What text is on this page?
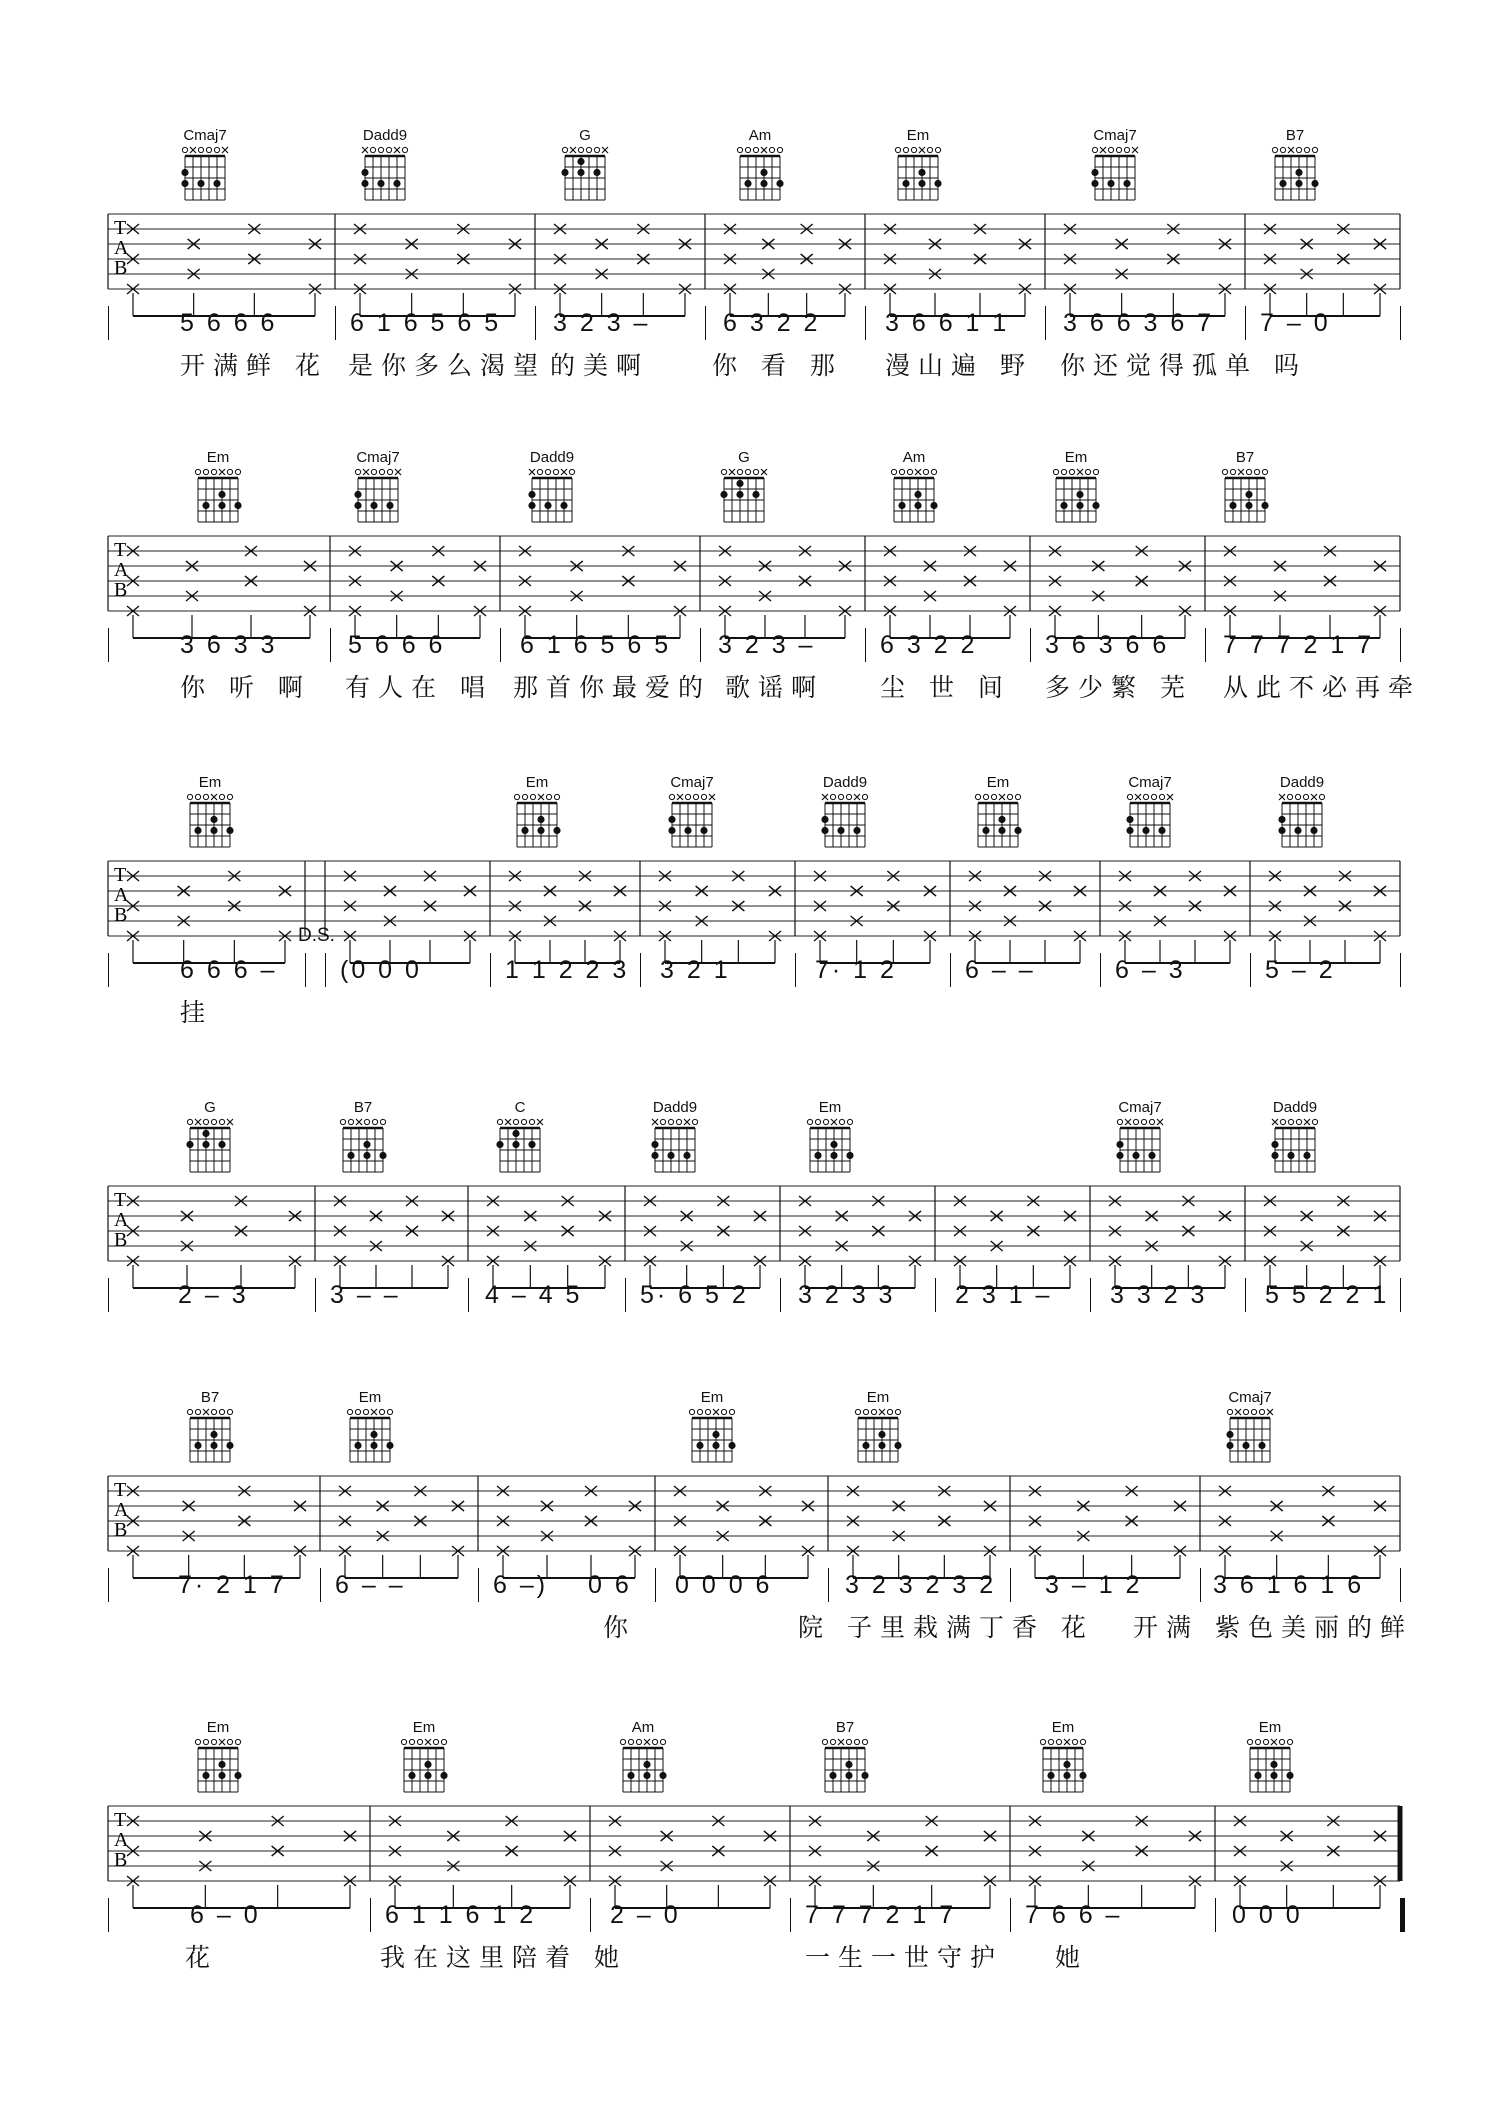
Cmaj7	Dadd9	G	Am	Em	Cmaj7	B7
T
A
B
5 6 6 6	6 1 6 5 6 5 3 2 3 –	6 3 2 2	3 6 6 1 1 3 6 6 3 6 7 7 – 0
开满鲜 花 是你多么渴望 的美啊	你 看 那 漫山遍 野 你还觉得孤单 吗
Em	Cmaj7	Dadd9	G	Am	Em	B7
T
A
B
3 6 3 3	5 6 6 6	6 1 6 5 6 5 3 2 3 –	6 3 2 2	3 6 3 6 6 7 7 7 2 1 7
你 听 啊 有人在 唱 那首你最爱的 歌谣啊 尘 世 间 多少繁 芜 从此不必再牵
Em	Em	Cmaj7	Dadd9	Em	Cmaj7	Dadd9
T
A
B
6 6 6 –	(0 0 0	1 1 2 2 3 3 2 1	7· 1 2	6 – –	6 – 3	5 – 2
D.S.
挂
G	B7	C	Dadd9	Em	Cmaj7	Dadd9
T
A
B
2 – 3	3 – –	4 – 4 5 5· 6 5 2 3 2 3 3 2 3 1 – 3 3 2 3 5 5 2 2 1
B7	Em	Em	Em	Cmaj7
T
A
B
7· 2 1 7 6 – –	6 –) 0 6 0 0 0 6	3 2 3 2 3 2 3 – 1 2	3 6 1 6 1 6
你	院 子里栽满丁香 花 开满 紫色美丽的鲜
Em	Em	Am	B7	Em	Em
T
A
B
6 – 0	6 1 1 6 1 2	2 – 0	7 7 7 2 1 7	7 6 6 –	0 0 0
花	我在这里陪着 她	一生一世守护 她
